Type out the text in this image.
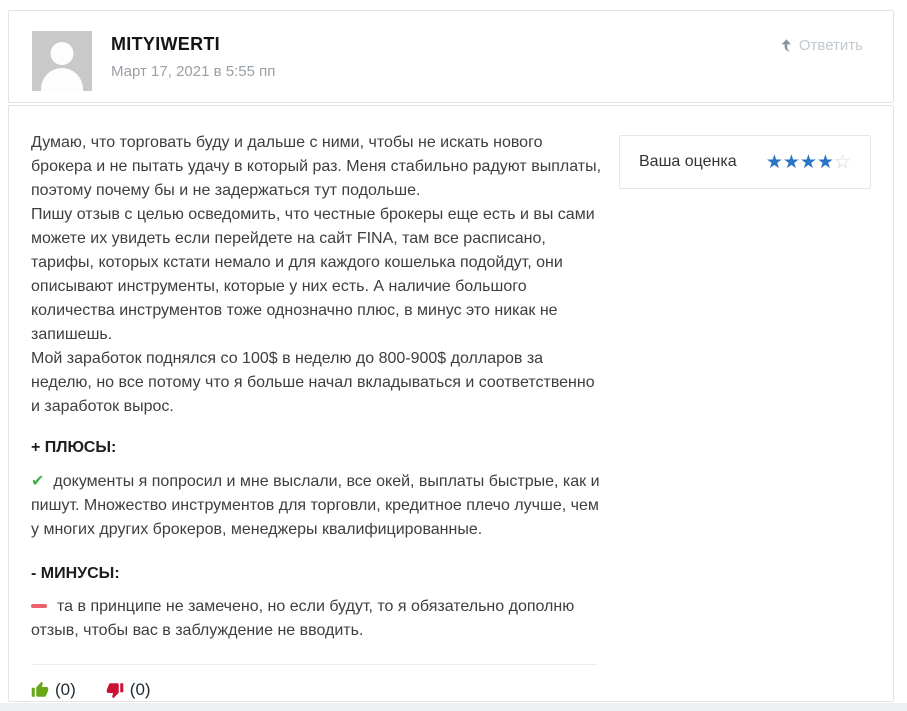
MITYIWERTI
Март 17, 2021 в 5:55 пп
Ответить
Ваша оценка ★★★★☆

Думаю, что торговать буду и дальше с ними, чтобы не искать нового брокера и не пытать удачу в который раз. Меня стабильно радуют выплаты, поэтому почему бы и не задержаться тут подольше.

Пишу отзыв с целью осведомить, что честные брокеры еще есть и вы сами можете их увидеть если перейдете на сайт FINA, там все расписано, тарифы, которых кстати немало и для каждого кошелька подойдут, они описывают инструменты, которые у них есть. А наличие большого количества инструментов тоже однозначно плюс, в минус это никак не запишешь.

Мой заработок поднялся со 100$ в неделю до 800-900$ долларов за неделю, но все потому что я больше начал вкладываться и соответственно и заработок вырос.

+ ПЛЮСЫ:

✔ документы я попросил и мне выслали, все окей, выплаты быстрые, как и пишут. Множество инструментов для торговли, кредитное плечо лучше, чем у многих других брокеров, менеджеры квалифицированные.

- МИНУСЫ:

та в принципе не замечено, но если будут, то я обязательно дополню отзыв, чтобы вас в заблуждение не вводить.

(0)	(0)
